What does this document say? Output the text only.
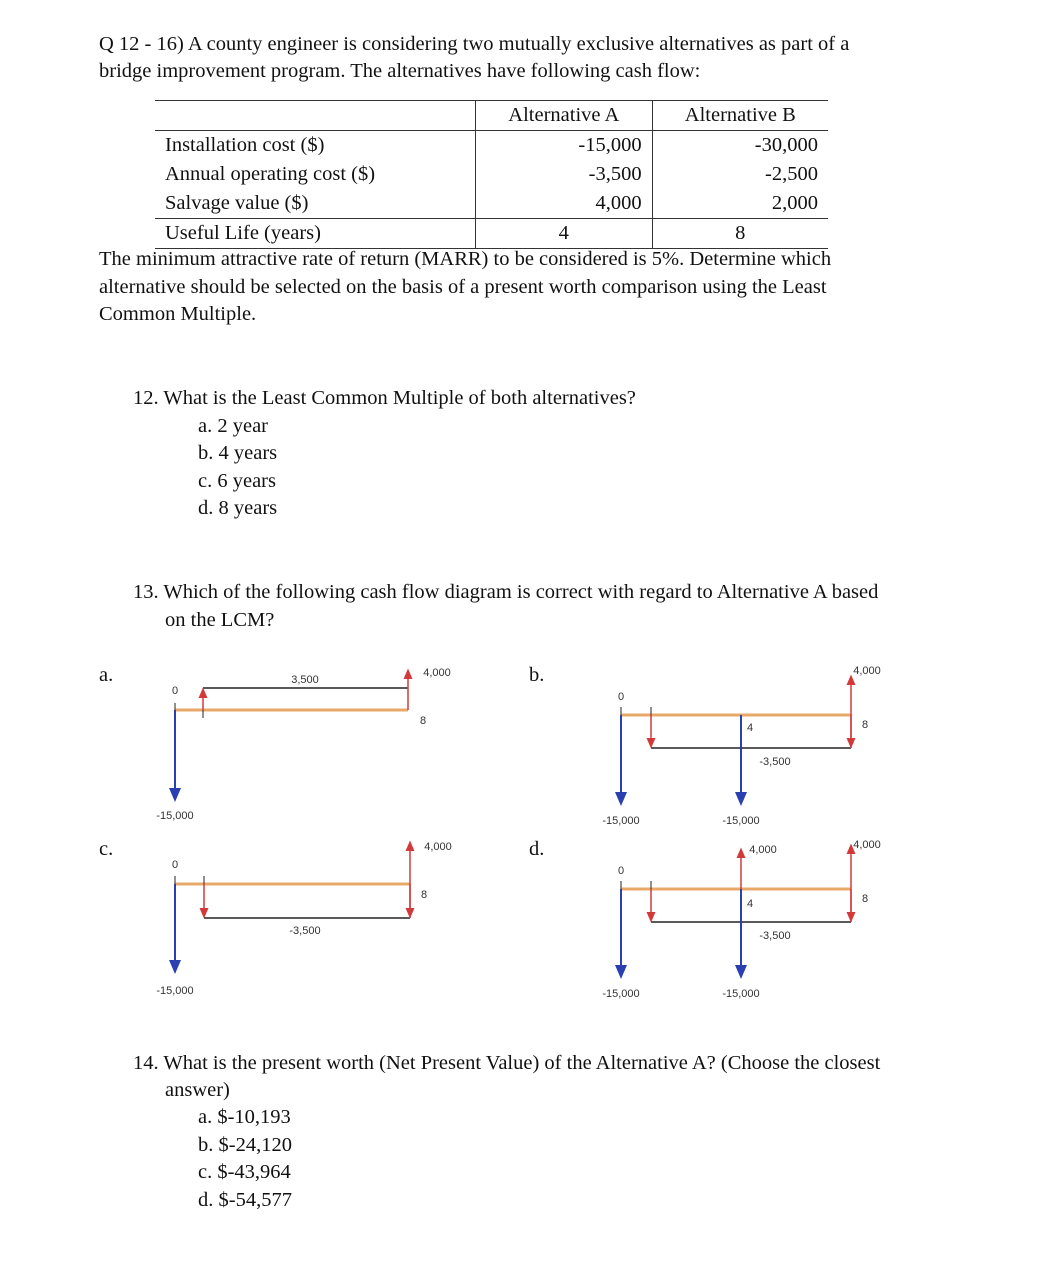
Q 12 - 16) A county engineer is considering two mutually exclusive alternatives as part of a
bridge improvement program. The alternatives have following cash flow:
	Alternative A	Alternative B
Installation cost ($)	-15,000	-30,000
Annual operating cost ($)	-3,500	-2,500
Salvage value ($)	4,000	2,000
Useful Life (years)	4	8
The minimum attractive rate of return (MARR) to be considered is 5%. Determine which
alternative should be selected on the basis of a present worth comparison using the Least
Common Multiple.
12. What is the Least Common Multiple of both alternatives?
a. 2 year
b. 4 years
c. 6 years
d. 8 years
13. Which of the following cash flow diagram is correct with regard to Alternative A based
on the LCM?
a.	b.
c.	d.
0
3,500
4,000
8
-15,000
0
4
-3,500
8
4,000
-15,000	-15,000
0
4,000
8
-3,500
-15,000
0
4,000
4
-3,500
8
4,000
-15,000	-15,000
14. What is the present worth (Net Present Value) of the Alternative A? (Choose the closest
answer)
a. $-10,193
b. $-24,120
c. $-43,964
d. $-54,577
